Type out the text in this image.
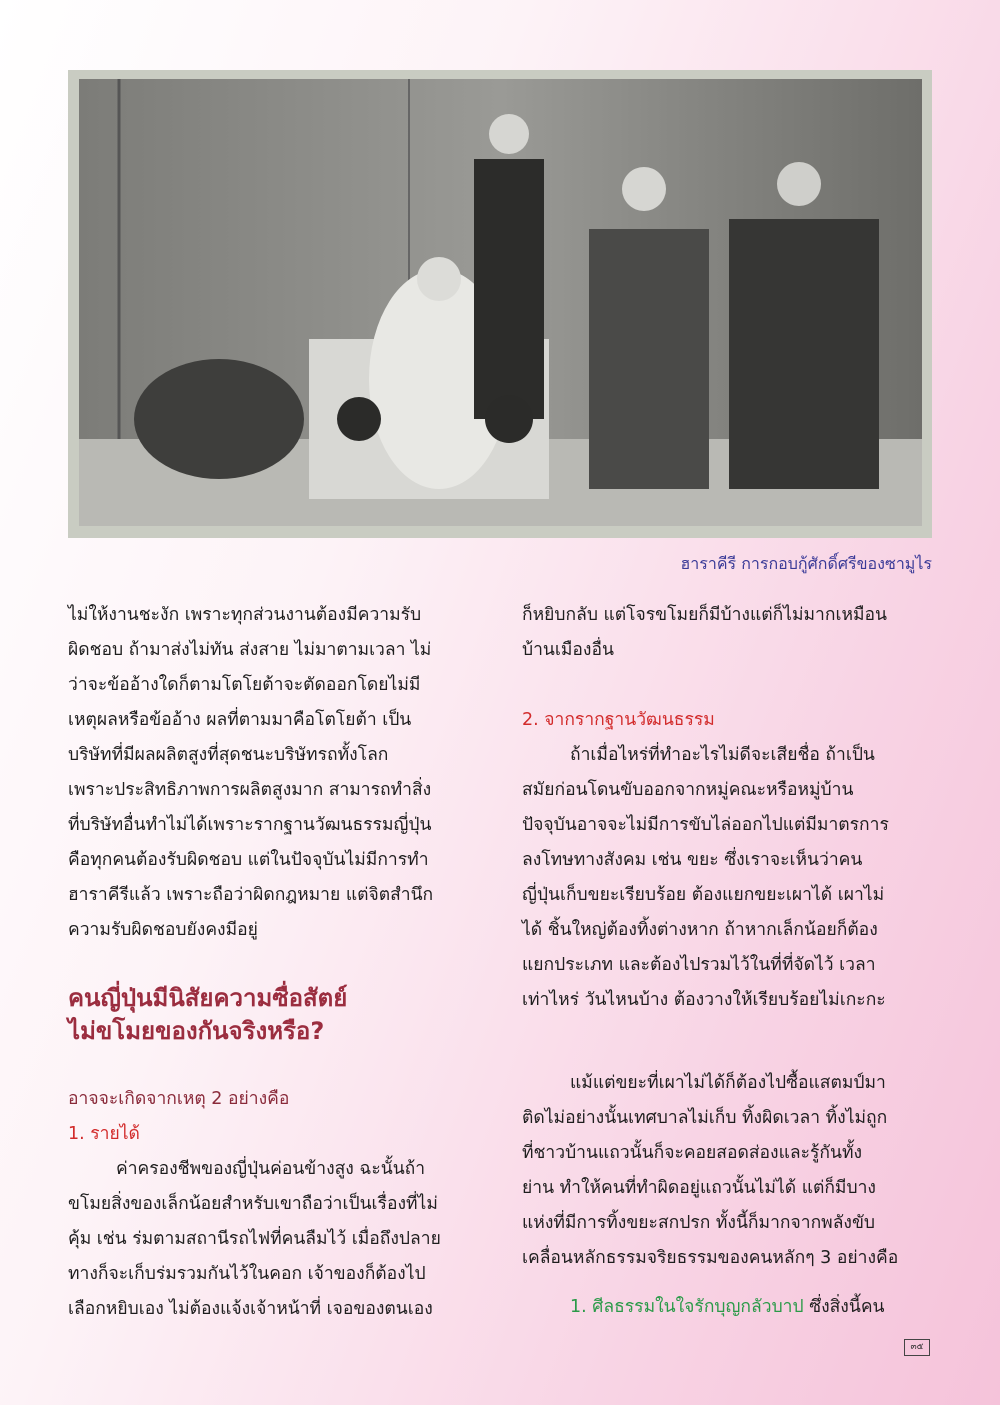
ฮาราคีรี การกอบกู้ศักดิ์ศรีของซามูไร

ไม่ให้งานชะงัก เพราะทุกส่วนงานต้องมีความรับ

ผิดชอบ ถ้ามาส่งไม่ทัน ส่งสาย ไม่มาตามเวลา ไม่

ว่าจะข้ออ้างใดก็ตามโตโยต้าจะตัดออกโดยไม่มี

เหตุผลหรือข้ออ้าง ผลที่ตามมาคือโตโยต้า เป็น

บริษัทที่มีผลผลิตสูงที่สุดชนะบริษัทรถทั้งโลก

เพราะประสิทธิภาพการผลิตสูงมาก สามารถทำสิ่ง

ที่บริษัทอื่นทำไม่ได้เพราะรากฐานวัฒนธรรมญี่ปุ่น

คือทุกคนต้องรับผิดชอบ แต่ในปัจจุบันไม่มีการทำ

ฮาราคีรีแล้ว เพราะถือว่าผิดกฎหมาย แต่จิตสำนึก

ความรับผิดชอบยังคงมีอยู่

คนญี่ปุ่นมีนิสัยความซื่อสัตย์

ไม่ขโมยของกันจริงหรือ?

อาจจะเกิดจากเหตุ 2 อย่างคือ

1. รายได้

ค่าครองชีพของญี่ปุ่นค่อนข้างสูง ฉะนั้นถ้า

ขโมยสิ่งของเล็กน้อยสำหรับเขาถือว่าเป็นเรื่องที่ไม่

คุ้ม เช่น ร่มตามสถานีรถไฟที่คนลืมไว้ เมื่อถึงปลาย

ทางก็จะเก็บร่มรวมกันไว้ในคอก เจ้าของก็ต้องไป

เลือกหยิบเอง ไม่ต้องแจ้งเจ้าหน้าที่ เจอของตนเอง

ก็หยิบกลับ แต่โจรขโมยก็มีบ้างแต่ก็ไม่มากเหมือน

บ้านเมืองอื่น

2. จากรากฐานวัฒนธรรม

ถ้าเมื่อไหร่ที่ทำอะไรไม่ดีจะเสียชื่อ ถ้าเป็น

สมัยก่อนโดนขับออกจากหมู่คณะหรือหมู่บ้าน

ปัจจุบันอาจจะไม่มีการขับไล่ออกไปแต่มีมาตรการ

ลงโทษทางสังคม เช่น ขยะ ซึ่งเราจะเห็นว่าคน

ญี่ปุ่นเก็บขยะเรียบร้อย ต้องแยกขยะเผาได้ เผาไม่

ได้ ชิ้นใหญ่ต้องทิ้งต่างหาก ถ้าหากเล็กน้อยก็ต้อง

แยกประเภท และต้องไปรวมไว้ในที่ที่จัดไว้ เวลา

เท่าไหร่ วันไหนบ้าง ต้องวางให้เรียบร้อยไม่เกะกะ

แม้แต่ขยะที่เผาไม่ได้ก็ต้องไปซื้อแสตมป์มา

ติดไม่อย่างนั้นเทศบาลไม่เก็บ ทิ้งผิดเวลา ทิ้งไม่ถูก

ที่ชาวบ้านแถวนั้นก็จะคอยสอดส่องและรู้กันทั้ง

ย่าน ทำให้คนที่ทำผิดอยู่แถวนั้นไม่ได้ แต่ก็มีบาง

แห่งที่มีการทิ้งขยะสกปรก ทั้งนี้ก็มากจากพลังขับ

เคลื่อนหลักธรรมจริยธรรมของคนหลักๆ 3 อย่างคือ

1. ศีลธรรมในใจรักบุญกลัวบาป ซึ่งสิ่งนี้คน

๓๕
